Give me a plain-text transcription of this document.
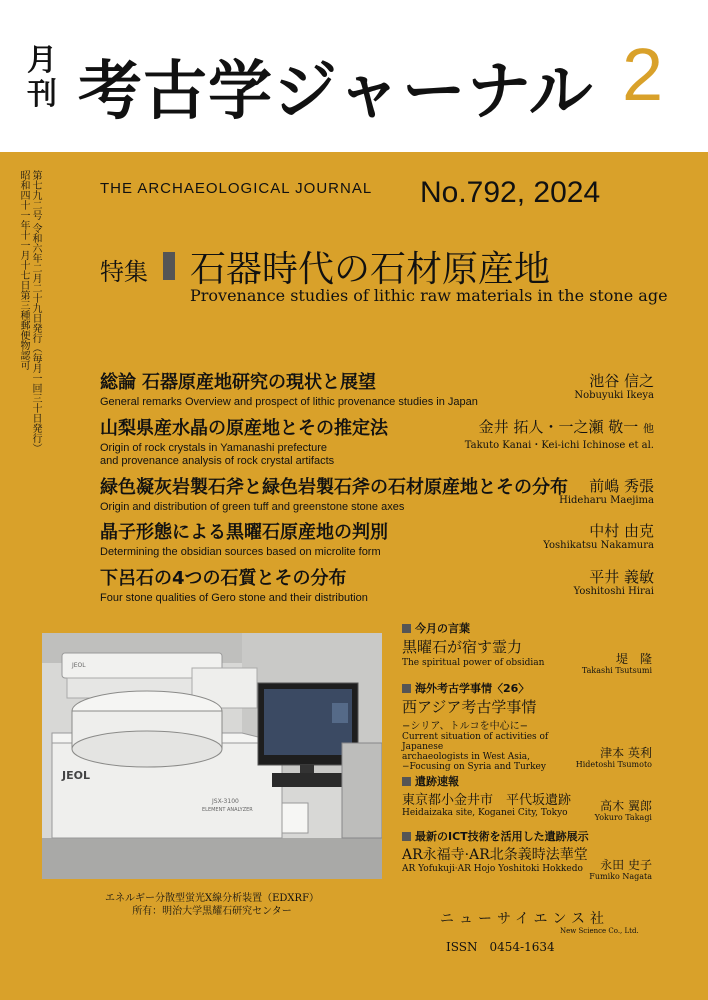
月刊 考古学ジャーナル 2
第七九二号 令和六年二月二十九日発行（毎月一回三十日発行）
昭和四十一年十一月十七日第三種郵便物認可	THE ARCHAEOLOGICAL JOURNAL No.792, 2024
特集 石器時代の石材原産地
Provenance studies of lithic raw materials in the stone age
総論 石器原産地研究の現状と展望
General remarks Overview and prospect of lithic provenance studies in Japan
池谷 信之
Nobuyuki Ikeya
山梨県産水晶の原産地とその推定法
Origin of rock crystals in Yamanashi prefecture
and provenance analysis of rock crystal artifacts
金井 拓人・一之瀬 敬一 他
Takuto Kanai・Kei-ichi Ichinose et al.
緑色凝灰岩製石斧と緑色岩製石斧の石材原産地とその分布
Origin and distribution of green tuff and greenstone stone axes
前嶋 秀張
Hideharu Maejima
晶子形態による黒曜石原産地の判別
Determining the obsidian sources based on microlite form
中村 由克
Yoshikatsu Nakamura
下呂石の4つの石質とその分布
Four stone qualities of Gero stone and their distribution
平井 義敏
Yoshitoshi Hirai
JEOL
JEOL
JSX-3100
ELEMENT ANALYZER
エネルギー分散型蛍光X線分析装置（EDXRF）
所有：明治大学黒耀石研究センター
今月の言葉
黒曜石が宿す霊力
The spiritual power of obsidian	堤　隆
Takashi Tsutsumi
海外考古学事情〈26〉
西アジア考古学事情
−シリア、トルコを中心に−
Current situation of activities of Japanese
archaeologists in West Asia,
−Focusing on Syria and Turkey
津本 英利
Hidetoshi Tsumoto
遺跡速報
東京都小金井市　平代坂遺跡
Heidaizaka site, Koganei City, Tokyo	高木 翼郎
Yokuro Takagi
最新のICT技術を活用した遺跡展示
AR永福寺·AR北条義時法華堂
AR Yofukuji·AR Hojo Yoshitoki Hokkedo	永田 史子
Fumiko Nagata
ニューサイエンス社
New Science Co., Ltd.
ISSN　0454-1634
